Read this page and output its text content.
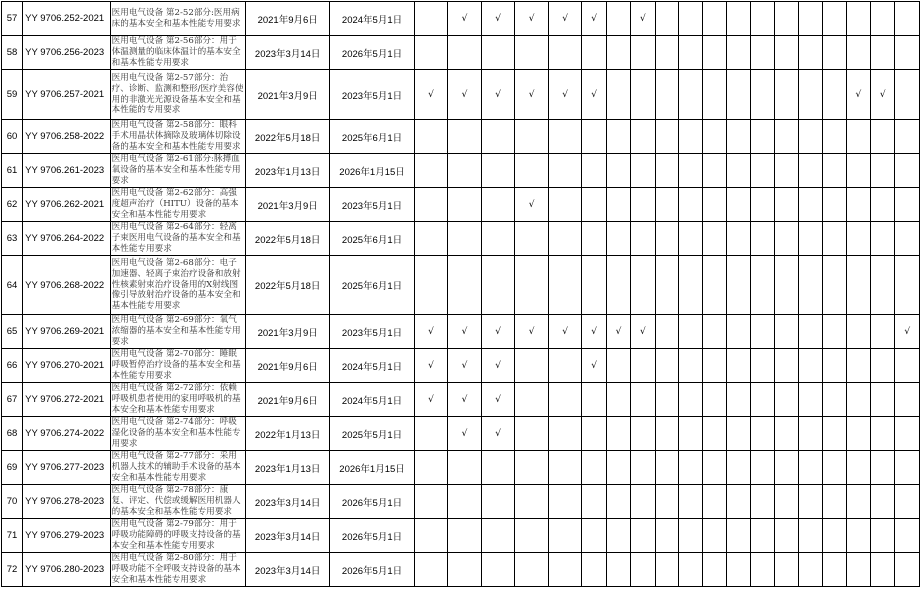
57	YY 9706.252-2021	医用电气设备 第2-52部分:医用病床的基本安全和基本性能专用要求	2021年9月6日	2024年5月1日		√	√	√	√	√		√											
58	YY 9706.256-2023	医用电气设备 第2-56部分：用于体温测量的临床体温计的基本安全和基本性能专用要求	2023年3月14日	2026年5月1日																			
59	YY 9706.257-2021	医用电气设备 第2-57部分：治疗、诊断、监测和整形/医疗美容使用的非激光光源设备基本安全和基本性能的专用要求	2021年3月9日	2023年5月1日	√	√	√	√	√	√											√	√	
60	YY 9706.258-2022	医用电气设备 第2-58部分：眼科手术用晶状体摘除及玻璃体切除设备的基本安全和基本性能专用要求	2022年5月18日	2025年6月1日																			
61	YY 9706.261-2023	医用电气设备 第2-61部分:脉搏血氧设备的基本安全和基本性能专用要求	2023年1月13日	2026年1月15日																			
62	YY 9706.262-2021	医用电气设备 第2-62部分：高强度超声治疗（HITU）设备的基本安全和基本性能专用要求	2021年3月9日	2023年5月1日				√															
63	YY 9706.264-2022	医用电气设备 第2-64部分：轻离子束医用电气设备的基本安全和基本性能专用要求	2022年5月18日	2025年6月1日																			
64	YY 9706.268-2022	医用电气设备 第2-68部分：电子加速器、轻离子束治疗设备和放射性核素射束治疗设备用的X射线图像引导放射治疗设备的基本安全和基本性能专用要求	2022年5月18日	2025年6月1日																			
65	YY 9706.269-2021	医用电气设备 第2-69部分：氧气浓缩器的基本安全和基本性能专用要求	2021年3月9日	2023年5月1日	√	√	√	√	√	√	√	√											√
66	YY 9706.270-2021	医用电气设备 第2-70部分：睡眠呼吸暂停治疗设备的基本安全和基本性能专用要求	2021年9月6日	2024年5月1日	√	√	√			√													
67	YY 9706.272-2021	医用电气设备 第2-72部分：依赖呼吸机患者使用的家用呼吸机的基本安全和基本性能专用要求	2021年9月6日	2024年5月1日	√	√	√																
68	YY 9706.274-2022	医用电气设备 第2-74部分：呼吸湿化设备的基本安全和基本性能专用要求	2022年1月13日	2025年5月1日		√	√																
69	YY 9706.277-2023	医用电气设备 第2-77部分：采用机器人技术的辅助手术设备的基本安全和基本性能专用要求	2023年1月13日	2026年1月15日																			
70	YY 9706.278-2023	医用电气设备 第2-78部分：康复、评定、代偿或缓解医用机器人的基本安全和基本性能专用要求	2023年3月14日	2026年5月1日																			
71	YY 9706.279-2023	医用电气设备 第2-79部分：用于呼吸功能障碍的呼吸支持设备的基本安全和基本性能专用要求	2023年3月14日	2026年5月1日																			
72	YY 9706.280-2023	医用电气设备 第2-80部分：用于呼吸功能不全呼吸支持设备的基本安全和基本性能专用要求	2023年3月14日	2026年5月1日																			
